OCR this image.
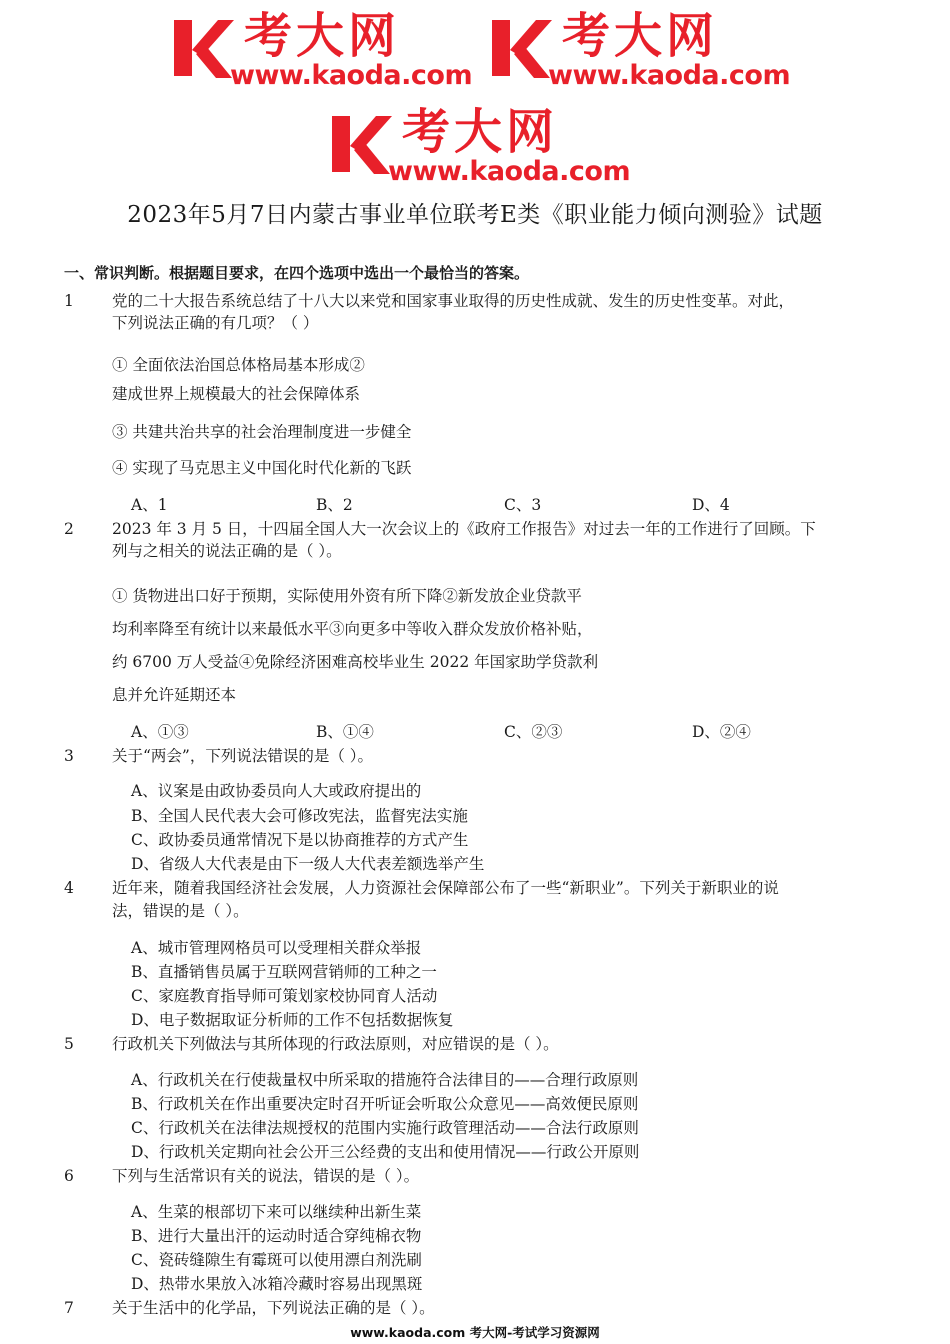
考大网
www.kaoda.com
考大网
www.kaoda.com
考大网
www.kaoda.com
2023年5月7日内蒙古事业单位联考E类《职业能力倾向测验》试题
一、常识判断。根据题目要求，在四个选项中选出一个最恰当的答案。
1 党的二十大报告系统总结了十八大以来党和国家事业取得的历史性成就、发生的历史性变革。对此，
下列说法正确的有几项？（ ）
① 全面依法治国总体格局基本形成②
建成世界上规模最大的社会保障体系
③ 共建共治共享的社会治理制度进一步健全
④ 实现了马克思主义中国化时代化新的飞跃
A、1	B、2	C、3	D、4
2 2023 年 3 月 5 日，十四届全国人大一次会议上的《政府工作报告》对过去一年的工作进行了回顾。下
列与之相关的说法正确的是（ ）。
① 货物进出口好于预期，实际使用外资有所下降②新发放企业贷款平
均利率降至有统计以来最低水平③向更多中等收入群众发放价格补贴，
约 6700 万人受益④免除经济困难高校毕业生 2022 年国家助学贷款利
息并允许延期还本
A、①③	B、①④	C、②③	D、②④
3 关于“两会”，下列说法错误的是（ ）。
A、议案是由政协委员向人大或政府提出的
B、全国人民代表大会可修改宪法，监督宪法实施
C、政协委员通常情况下是以协商推荐的方式产生
D、省级人大代表是由下一级人大代表差额选举产生
4 近年来，随着我国经济社会发展，人力资源社会保障部公布了一些“新职业”。下列关于新职业的说
法，错误的是（ ）。
A、城市管理网格员可以受理相关群众举报
B、直播销售员属于互联网营销师的工种之一
C、家庭教育指导师可策划家校协同育人活动
D、电子数据取证分析师的工作不包括数据恢复
5 行政机关下列做法与其所体现的行政法原则，对应错误的是（ ）。
A、行政机关在行使裁量权中所采取的措施符合法律目的——合理行政原则
B、行政机关在作出重要决定时召开听证会听取公众意见——高效便民原则
C、行政机关在法律法规授权的范围内实施行政管理活动——合法行政原则
D、行政机关定期向社会公开三公经费的支出和使用情况——行政公开原则
6 下列与生活常识有关的说法，错误的是（ ）。
A、生菜的根部切下来可以继续种出新生菜
B、进行大量出汗的运动时适合穿纯棉衣物
C、瓷砖缝隙生有霉斑可以使用漂白剂洗刷
D、热带水果放入冰箱冷藏时容易出现黑斑
7 关于生活中的化学品，下列说法正确的是（ ）。
www.kaoda.com 考大网-考试学习资源网
